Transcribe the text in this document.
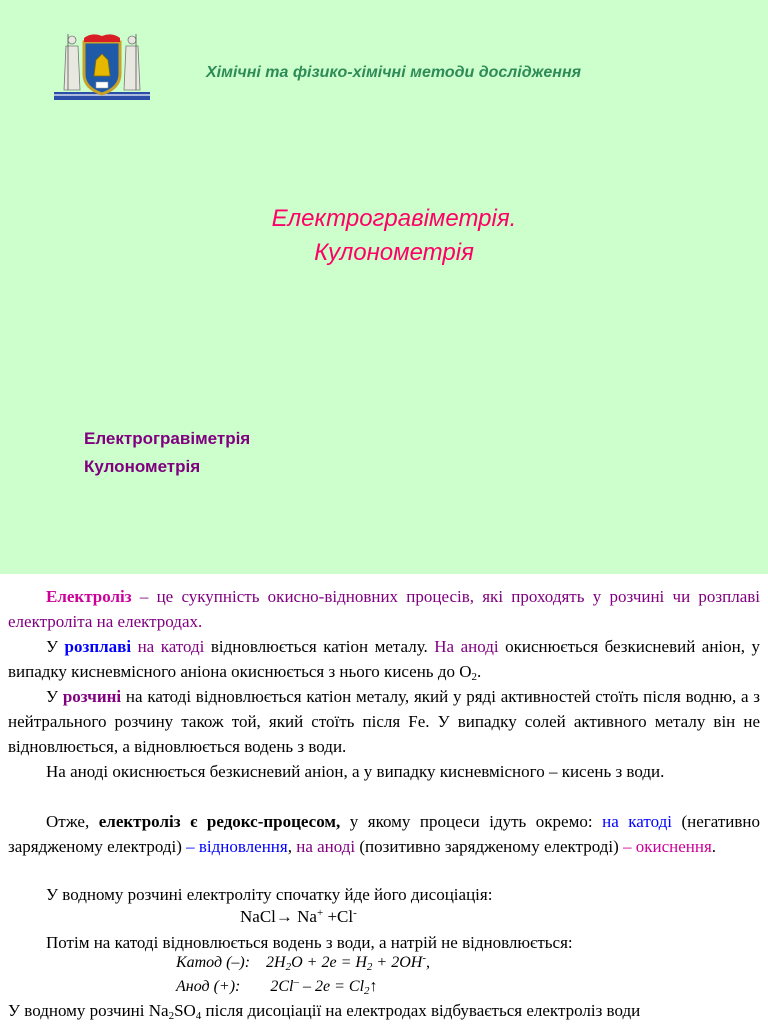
Хімічні та фізико-хімічні методи дослідження
Електрогравіметрія.
Кулонометрія
Електрогравіметрія
Кулонометрія
Електроліз – це сукупність окисно-відновних процесів, які проходять у розчині чи розплаві електроліта на електродах.
У розплаві на катоді відновлюється катіон металу. На аноді окиснюється безкисневий аніон, у випадку кисневмісного аніона окиснюється з нього кисень до $O_2$.
У розчині на катоді відновлюється катіон металу, який у ряді активностей стоїть після водню, а з нейтрального розчину також той, який стоїть після Fe. У випадку солей активного металу він не відновлюється, а відновлюється водень з води.
На аноді окиснюється безкисневий аніон, а у випадку кисневмісного – кисень з води.
Отже, електроліз є редокс-процесом, у якому процеси ідуть окремо: на катоді (негативно зарядженому електроді) – відновлення, на аноді (позитивно зарядженому електроді) – окиснення.
У водному розчині електроліту спочатку йде його дисоціація:
NaCl→ Na+ +Cl-
Потім на катоді відновлюється водень з води, а натрій не відновлюється:
Катод (–): $2H_2O + 2e = H_2 + 2OH^-$,
Анод (+): $2Cl^- - 2e = Cl_2↑$
У водному розчині $Na_2SO_4$ після дисоціації на електродах відбувається електроліз води
